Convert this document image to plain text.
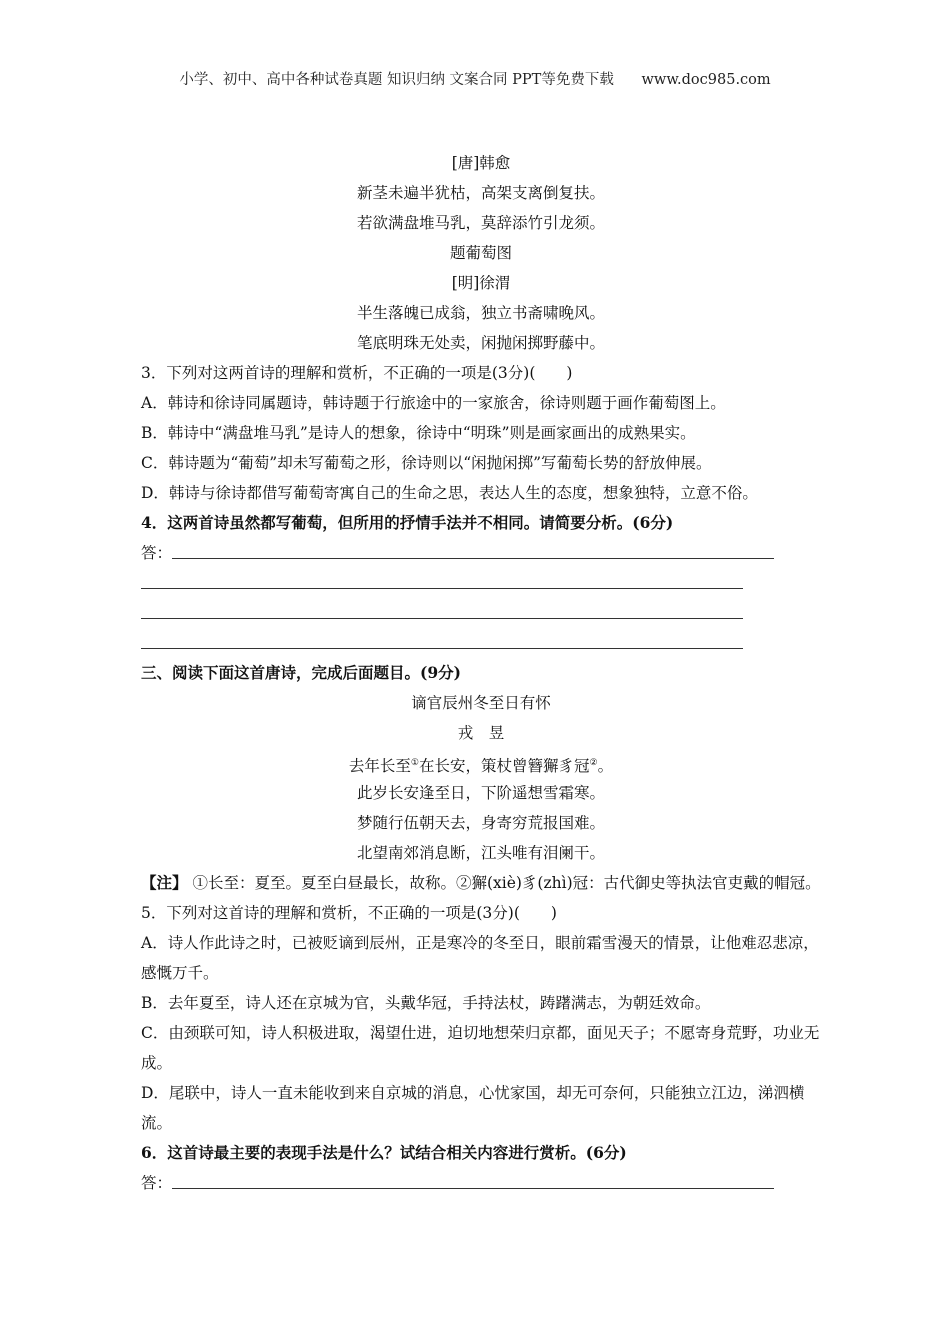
小学、初中、高中各种试卷真题 知识归纳 文案合同 PPT等免费下载      www.doc985.com
[唐]韩愈
新茎未遍半犹枯，高架支离倒复扶。
若欲满盘堆马乳，莫辞添竹引龙须。
题葡萄图
[明]徐渭
半生落魄已成翁，独立书斋啸晚风。
笔底明珠无处卖，闲抛闲掷野藤中。
3．下列对这两首诗的理解和赏析，不正确的一项是(3分)(　　)
A．韩诗和徐诗同属题诗，韩诗题于行旅途中的一家旅舍，徐诗则题于画作葡萄图上。
B．韩诗中“满盘堆马乳”是诗人的想象，徐诗中“明珠”则是画家画出的成熟果实。
C．韩诗题为“葡萄”却未写葡萄之形，徐诗则以“闲抛闲掷”写葡萄长势的舒放伸展。
D．韩诗与徐诗都借写葡萄寄寓自己的生命之思，表达人生的态度，想象独特，立意不俗。
4．这两首诗虽然都写葡萄，但所用的抒情手法并不相同。请简要分析。(6分)
答：
三、阅读下面这首唐诗，完成后面题目。(9分)
谪官辰州冬至日有怀
戎　昱
去年长至①在长安，策杖曾簪獬豸冠②。
此岁长安逢至日，下阶遥想雪霜寒。
梦随行伍朝天去，身寄穷荒报国难。
北望南郊消息断，江头唯有泪阑干。
【注】 ①长至：夏至。夏至白昼最长，故称。②獬(xiè)豸(zhì)冠：古代御史等执法官吏戴的帽冠。
5．下列对这首诗的理解和赏析，不正确的一项是(3分)(　　)
A．诗人作此诗之时，已被贬谪到辰州，正是寒冷的冬至日，眼前霜雪漫天的情景，让他难忍悲凉，感慨万千。
B．去年夏至，诗人还在京城为官，头戴华冠，手持法杖，踌躇满志，为朝廷效命。
C．由颈联可知，诗人积极进取，渴望仕进，迫切地想荣归京都，面见天子；不愿寄身荒野，功业无成。
D．尾联中，诗人一直未能收到来自京城的消息，心忧家国，却无可奈何，只能独立江边，涕泗横流。
6．这首诗最主要的表现手法是什么？试结合相关内容进行赏析。(6分)
答：
